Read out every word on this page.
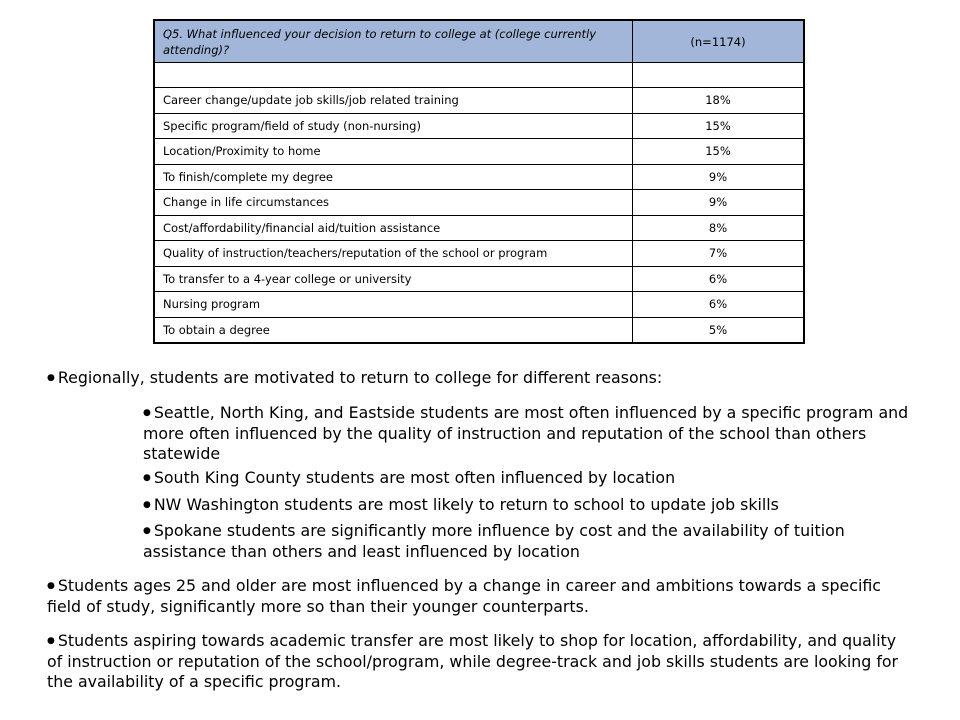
Q5. What influenced your decision to return to college at (college currently attending)?	(n=1174)

Career change/update job skills/job related training	18%
Specific program/field of study (non-nursing)	15%
Location/Proximity to home	15%
To finish/complete my degree	9%
Change in life circumstances	9%
Cost/affordability/financial aid/tuition assistance	8%
Quality of instruction/teachers/reputation of the school or program	7%
To transfer to a 4-year college or university	6%
Nursing program	6%
To obtain a degree	5%

● Regionally, students are motivated to return to college for different reasons:

● Seattle, North King, and Eastside students are most often influenced by a specific program and more often influenced by the quality of instruction and reputation of the school than others statewide

● South King County students are most often influenced by location

● NW Washington students are most likely to return to school to update job skills

● Spokane students are significantly more influence by cost and the availability of tuition assistance than others and least influenced by location

● Students ages 25 and older are most influenced by a change in career and ambitions towards a specific field of study, significantly more so than their younger counterparts.

● Students aspiring towards academic transfer are most likely to shop for location, affordability, and quality of instruction or reputation of the school/program, while degree-track and job skills students are looking for the availability of a specific program.
